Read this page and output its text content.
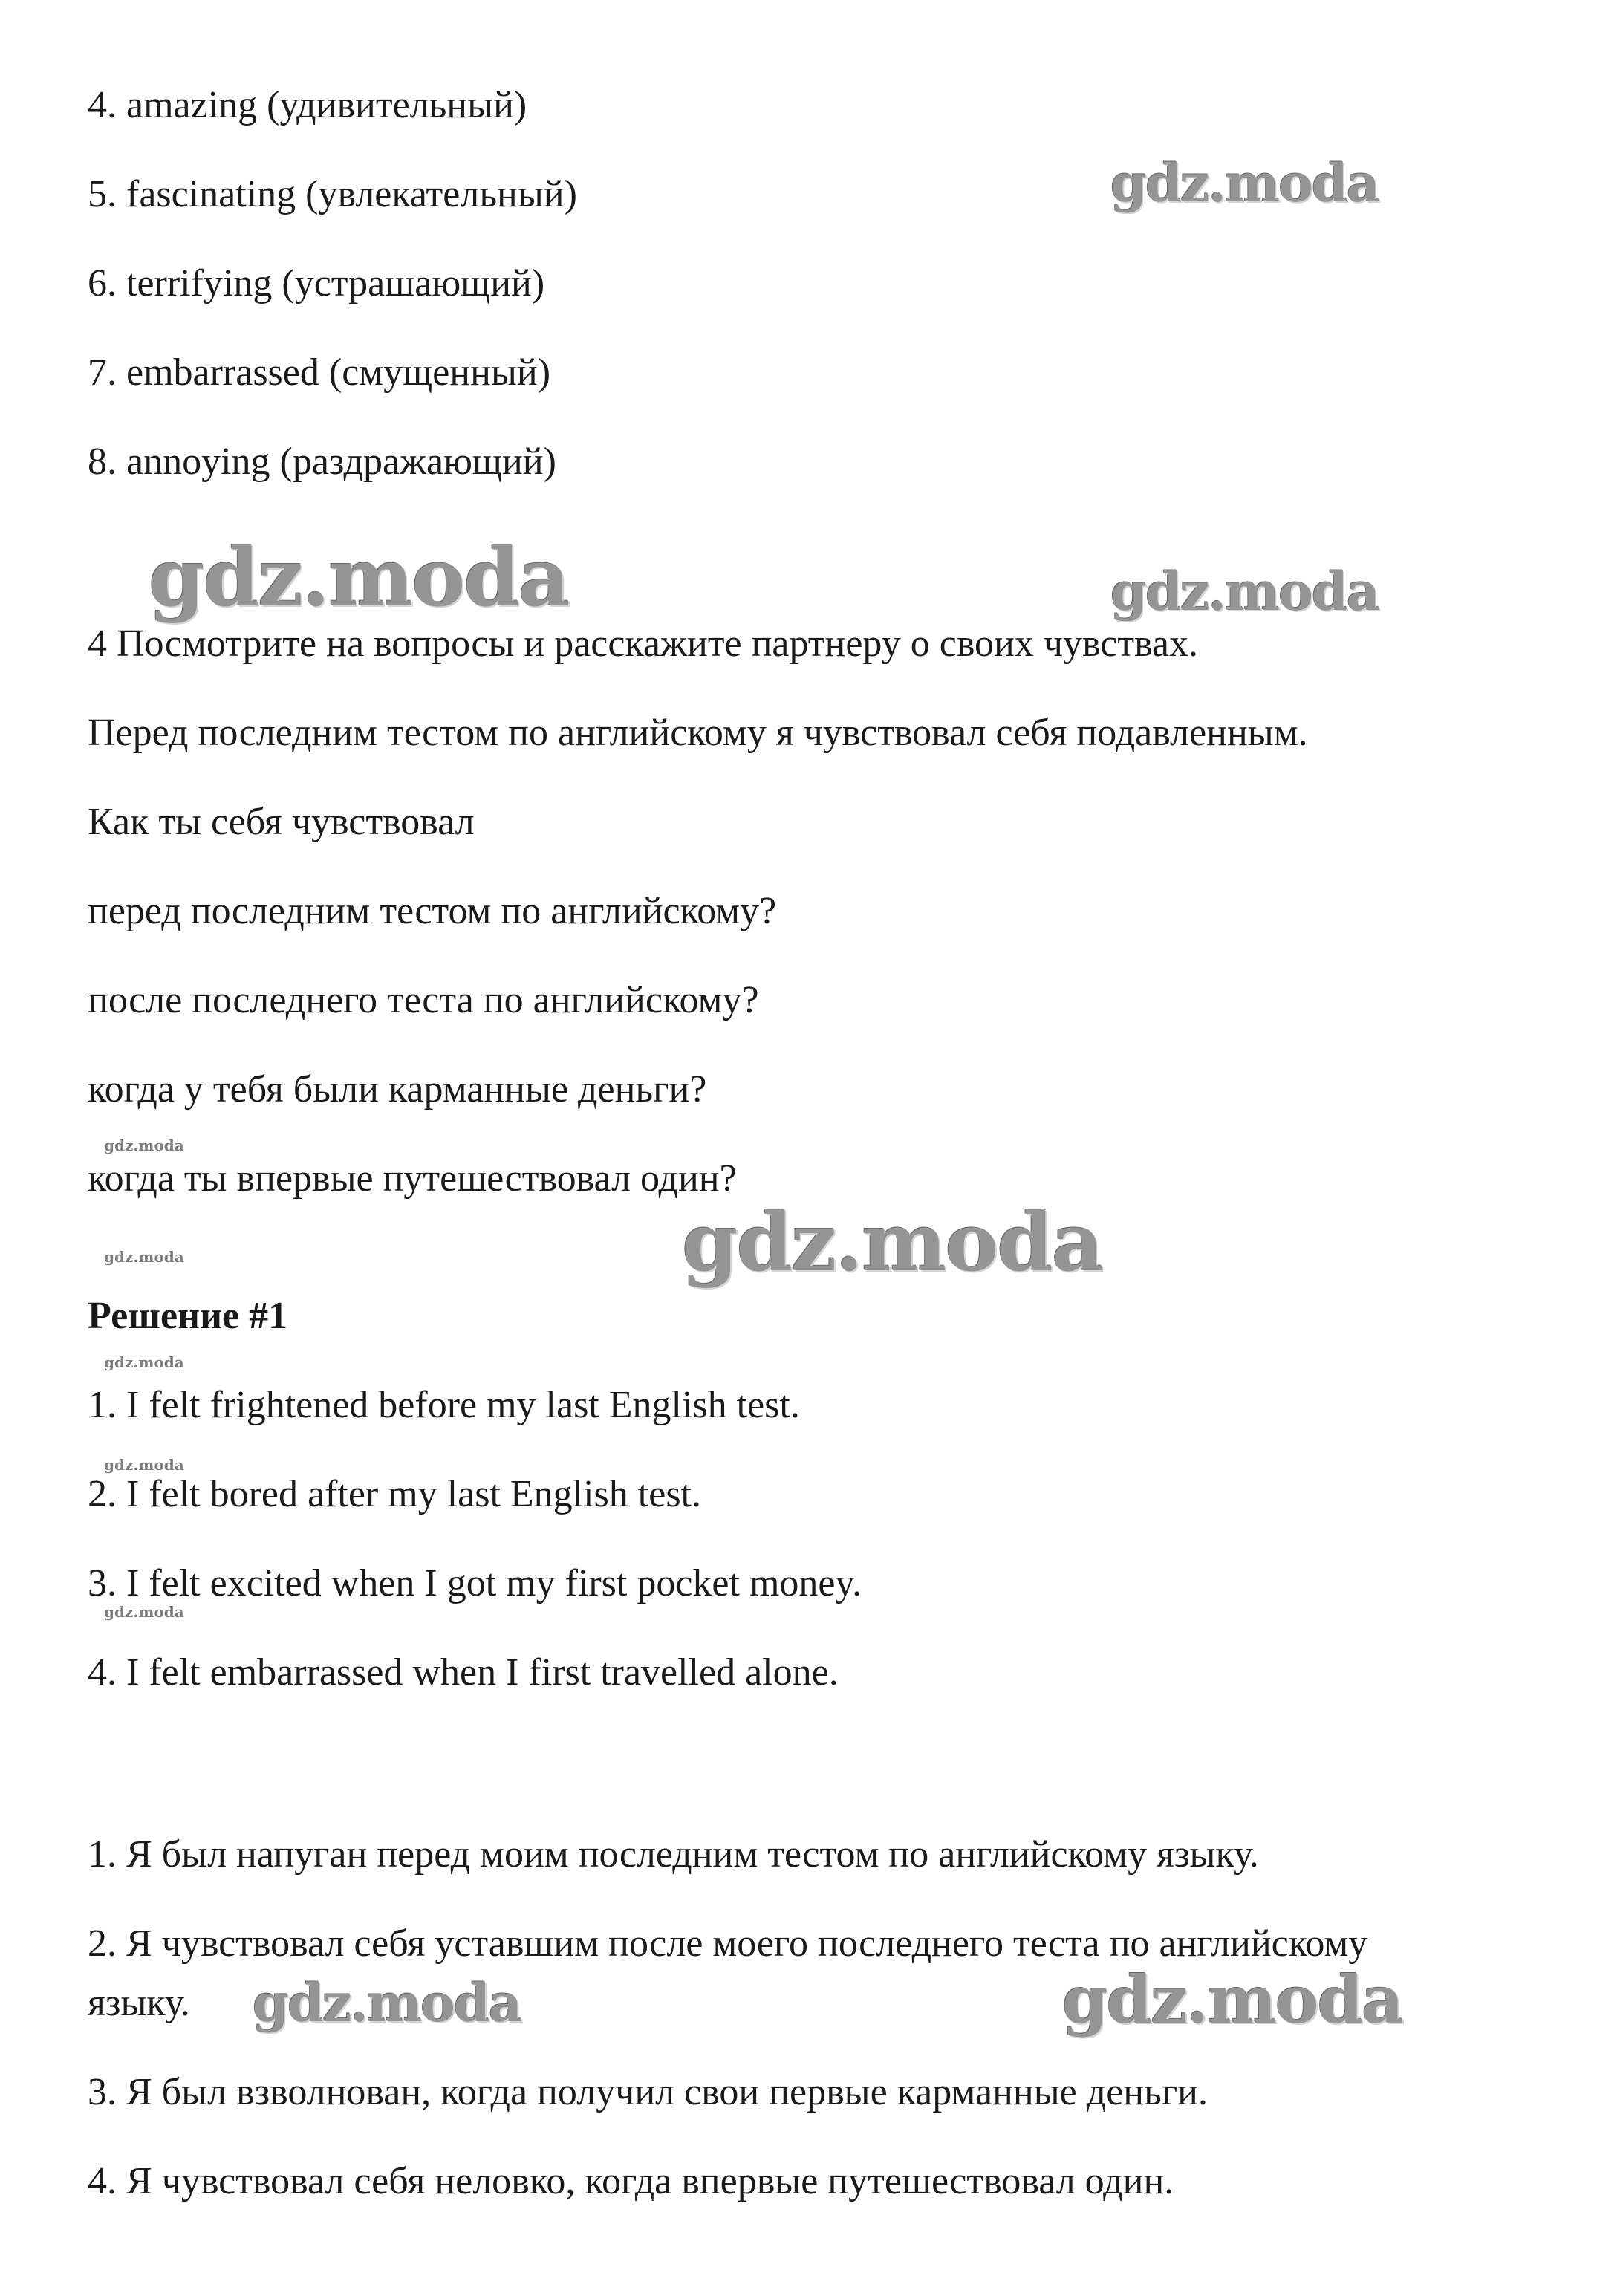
4. amazing (удивительный)
5. fascinating (увлекательный)
6. terrifying (устрашающий)
7. embarrassed (смущенный)
8. annoying (раздражающий)
4 Посмотрите на вопросы и расскажите партнеру о своих чувствах.
Перед последним тестом по английскому я чувствовал себя подавленным.
Как ты себя чувствовал
перед последним тестом по английскому?
после последнего теста по английскому?
когда у тебя были карманные деньги?
когда ты впервые путешествовал один?
Решение #1
1. I felt frightened before my last English test.
2. I felt bored after my last English test.
3. I felt excited when I got my first pocket money.
4. I felt embarrassed when I first travelled alone.
1. Я был напуган перед моим последним тестом по английскому языку.
2. Я чувствовал себя уставшим после моего последнего теста по английскому
языку.
3. Я был взволнован, когда получил свои первые карманные деньги.
4. Я чувствовал себя неловко, когда впервые путешествовал один.
gdz.moda
gdz.moda	gdz.moda
gdz.moda
gdz.moda
gdz.moda
gdz.moda
gdz.moda
gdz.moda
gdz.moda	gdz.moda
